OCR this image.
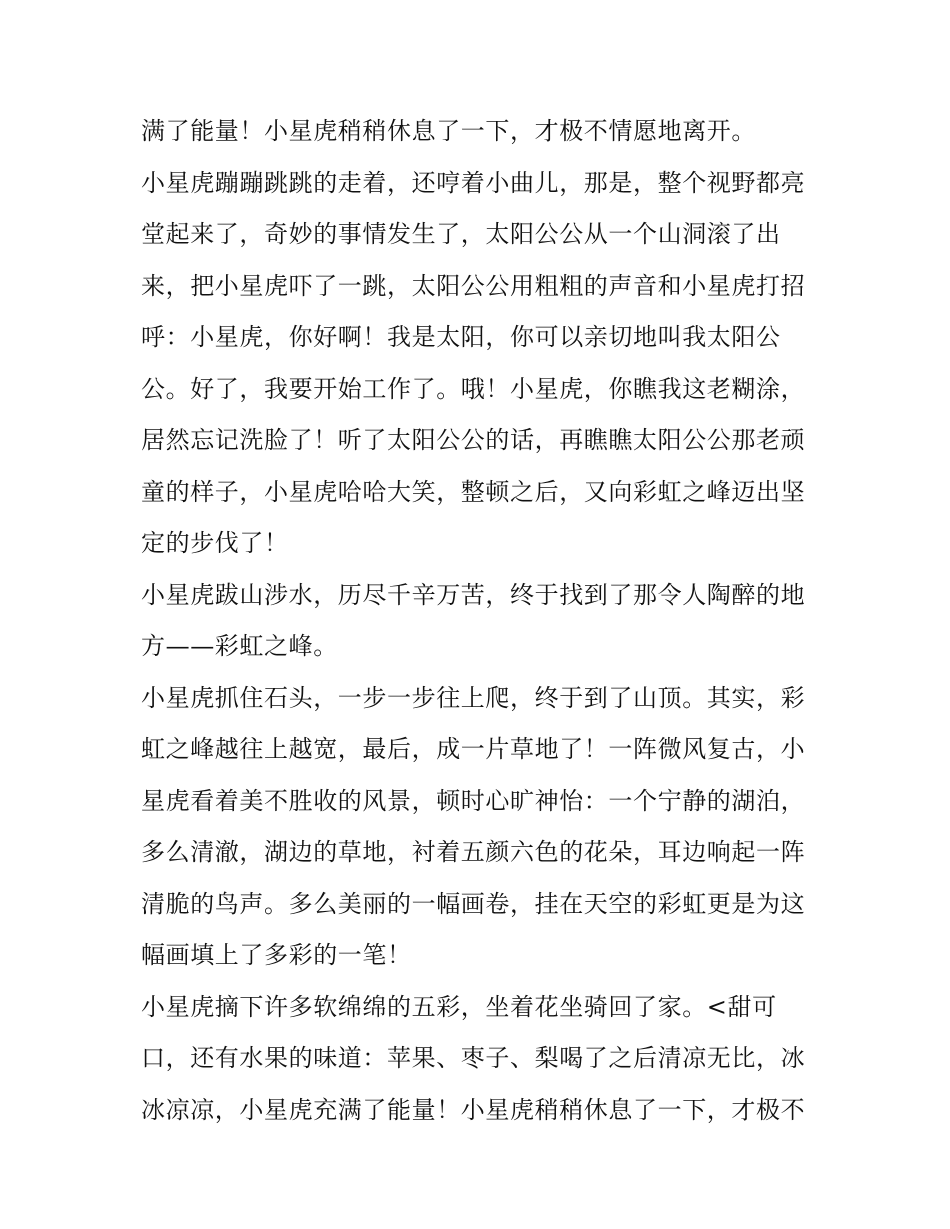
满了能量！小星虎稍稍休息了一下，才极不情愿地离开。
小星虎蹦蹦跳跳的走着，还哼着小曲儿，那是，整个视野都亮
堂起来了，奇妙的事情发生了，太阳公公从一个山洞滚了出
来，把小星虎吓了一跳，太阳公公用粗粗的声音和小星虎打招
呼：小星虎，你好啊！我是太阳，你可以亲切地叫我太阳公
公。好了，我要开始工作了。哦！小星虎，你瞧我这老糊涂，
居然忘记洗脸了！听了太阳公公的话，再瞧瞧太阳公公那老顽
童的样子，小星虎哈哈大笑，整顿之后，又向彩虹之峰迈出坚
定的步伐了！
小星虎跋山涉水，历尽千辛万苦，终于找到了那令人陶醉的地
方——彩虹之峰。
小星虎抓住石头，一步一步往上爬，终于到了山顶。其实，彩
虹之峰越往上越宽，最后，成一片草地了！一阵微风复古，小
星虎看着美不胜收的风景，顿时心旷神怡：一个宁静的湖泊，
多么清澈，湖边的草地，衬着五颜六色的花朵，耳边响起一阵
清脆的鸟声。多么美丽的一幅画卷，挂在天空的彩虹更是为这
幅画填上了多彩的一笔！
小星虎摘下许多软绵绵的五彩，坐着花坐骑回了家。<甜可
口，还有水果的味道：苹果、枣子、梨喝了之后清凉无比，冰
冰凉凉，小星虎充满了能量！小星虎稍稍休息了一下，才极不
